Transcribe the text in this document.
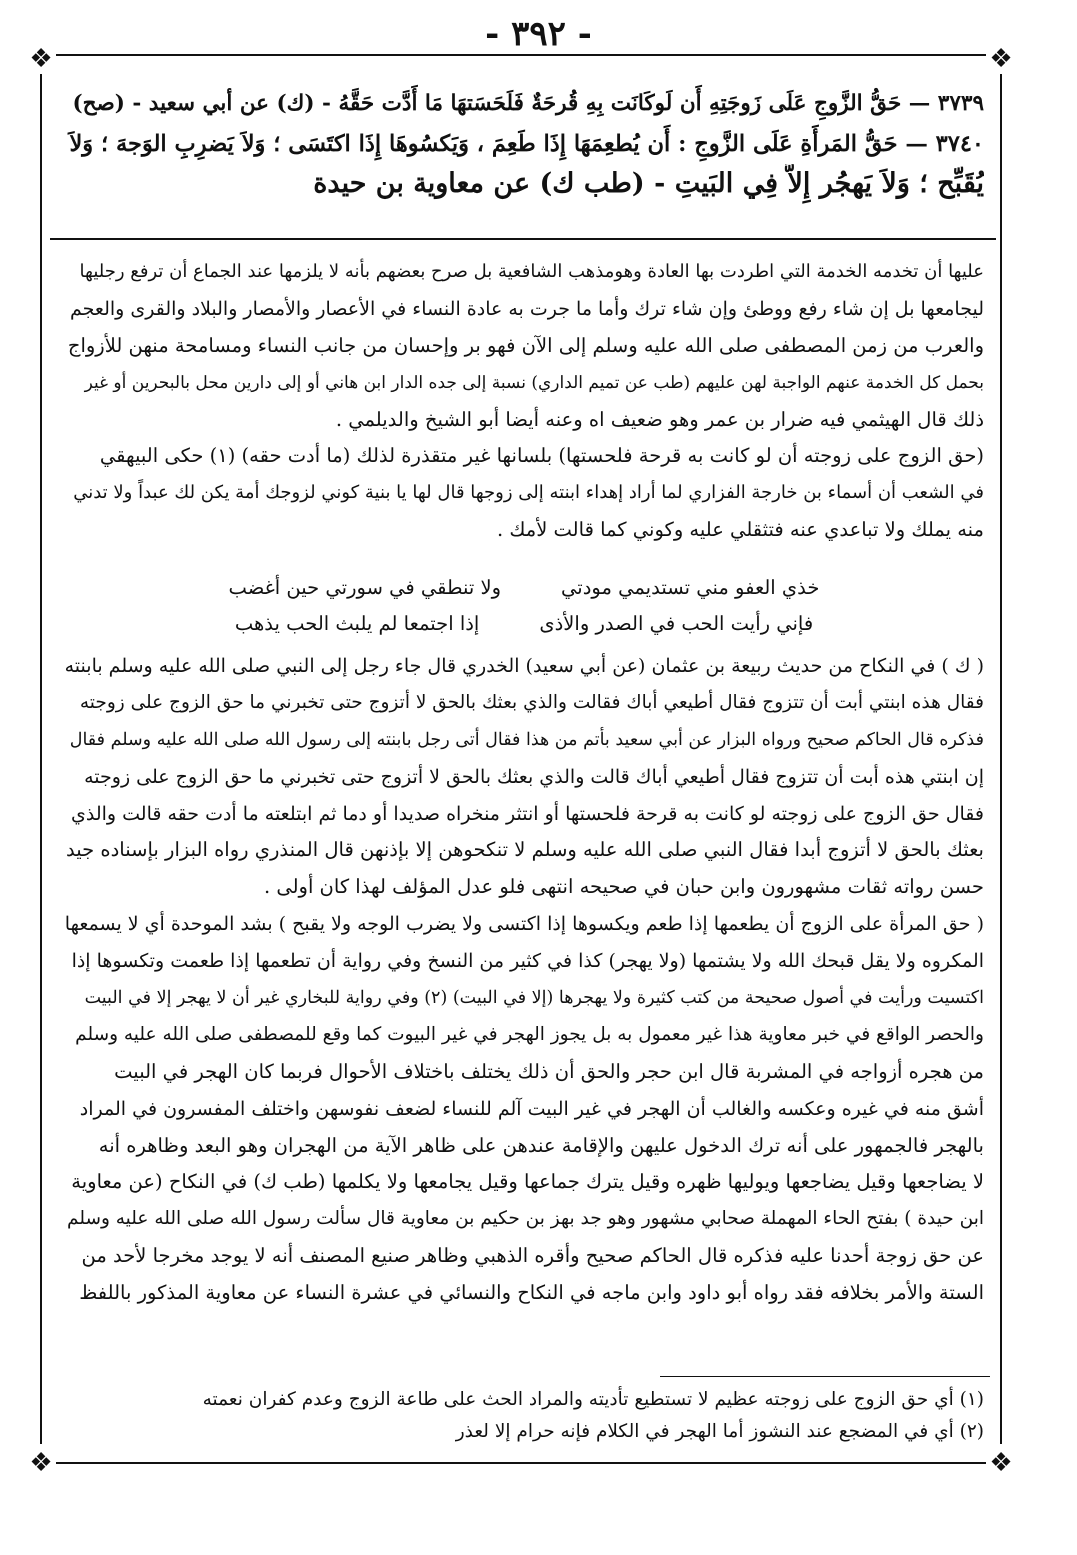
- ٣٩٢ -
❖	❖
❖	❖
٣٧٣٩ — حَقُّ الزَّوجِ عَلَى زَوجَتِهِ أَن لَوكَانَت بِهِ قُرحَةٌ فَلَحَسَتهَا مَا أَدَّت حَقَّهُ - (ك) عن أبي سعيد - (صح)
٣٧٤٠ — حَقُّ المَرأَةِ عَلَى الزَّوجِ : أَن يُطعِمَهَا إِذَا طَعِمَ ، وَيَكسُوهَا إِذَا اكتَسَى ؛ وَلاَ يَضرِبِ الوَجهَ ؛ وَلاَ
يُقَبِّح ؛ وَلاَ يَهجُر إِلاَّ فِي البَيتِ - (طب ك) عن معاوية بن حيدة
عليها أن تخدمه الخدمة التي اطردت بها العادة وهومذهب الشافعية بل صرح بعضهم بأنه لا يلزمها عند الجماع أن ترفع رجليها
ليجامعها بل إن شاء رفع ووطئ وإن شاء ترك وأما ما جرت به عادة النساء في الأعصار والأمصار والبلاد والقرى والعجم
والعرب من زمن المصطفى صلى الله عليه وسلم إلى الآن فهو بر وإحسان من جانب النساء ومسامحة منهن للأزواج
بحمل كل الخدمة عنهم الواجبة لهن عليهم (طب عن تميم الداري) نسبة إلى جده الدار ابن هاني أو إلى دارين محل بالبحرين أو غير
ذلك قال الهيثمي فيه ضرار بن عمر وهو ضعيف اه وعنه أيضا أبو الشيخ والديلمي .
(حق الزوج على زوجته أن لو كانت به قرحة فلحستها) بلسانها غير متقذرة لذلك (ما أدت حقه) (١) حكى البيهقي
في الشعب أن أسماء بن خارجة الفزاري لما أراد إهداء ابنته إلى زوجها قال لها يا بنية كوني لزوجك أمة يكن لك عبداً ولا تدني
منه يملك ولا تباعدي عنه فتثقلي عليه وكوني كما قالت لأمك .
خذي العفو مني تستديمي مودتي
ولا تنطقي في سورتي حين أغضب
فإني رأيت الحب في الصدر والأذى
إذا اجتمعا لم يلبث الحب يذهب
( ك ) في النكاح من حديث ربيعة بن عثمان (عن أبي سعيد) الخدري قال جاء رجل إلى النبي صلى الله عليه وسلم بابنته
فقال هذه ابنتي أبت أن تتزوج فقال أطيعي أباك فقالت والذي بعثك بالحق لا أتزوج حتى تخبرني ما حق الزوج على زوجته
فذكره قال الحاكم صحيح ورواه البزار عن أبي سعيد بأتم من هذا فقال أتى رجل بابنته إلى رسول الله صلى الله عليه وسلم فقال
إن ابنتي هذه أبت أن تتزوج فقال أطيعي أباك قالت والذي بعثك بالحق لا أتزوج حتى تخبرني ما حق الزوج على زوجته
فقال حق الزوج على زوجته لو كانت به قرحة فلحستها أو انتثر منخراه صديدا أو دما ثم ابتلعته ما أدت حقه قالت والذي
بعثك بالحق لا أتزوج أبدا فقال النبي صلى الله عليه وسلم لا تنكحوهن إلا بإذنهن قال المنذري رواه البزار بإسناده جيد
حسن رواته ثقات مشهورون وابن حبان في صحيحه انتهى فلو عدل المؤلف لهذا كان أولى .
( حق المرأة على الزوج أن يطعمها إذا طعم ويكسوها إذا اكتسى ولا يضرب الوجه ولا يقبح ) بشد الموحدة أي لا يسمعها
المكروه ولا يقل قبحك الله ولا يشتمها (ولا يهجر) كذا في كثير من النسخ وفي رواية أن تطعمها إذا طعمت وتكسوها إذا
اكتسيت ورأيت في أصول صحيحة من كتب كثيرة ولا يهجرها (إلا في البيت) (٢) وفي رواية للبخاري غير أن لا يهجر إلا في البيت
والحصر الواقع في خبر معاوية هذا غير معمول به بل يجوز الهجر في غير البيوت كما وقع للمصطفى صلى الله عليه وسلم
من هجره أزواجه في المشربة قال ابن حجر والحق أن ذلك يختلف باختلاف الأحوال فربما كان الهجر في البيت
أشق منه في غيره وعكسه والغالب أن الهجر في غير البيت آلم للنساء لضعف نفوسهن واختلف المفسرون في المراد
بالهجر فالجمهور على أنه ترك الدخول عليهن والإقامة عندهن على ظاهر الآية من الهجران وهو البعد وظاهره أنه
لا يضاجعها وقيل يضاجعها ويوليها ظهره وقيل يترك جماعها وقيل يجامعها ولا يكلمها (طب ك) في النكاح (عن معاوية
ابن حيدة ) بفتح الحاء المهملة صحابي مشهور وهو جد بهز بن حكيم بن معاوية قال سألت رسول الله صلى الله عليه وسلم
عن حق زوجة أحدنا عليه فذكره قال الحاكم صحيح وأقره الذهبي وظاهر صنيع المصنف أنه لا يوجد مخرجا لأحد من
الستة والأمر بخلافه فقد رواه أبو داود وابن ماجه في النكاح والنسائي في عشرة النساء عن معاوية المذكور باللفظ
(١) أي حق الزوج على زوجته عظيم لا تستطيع تأديته والمراد الحث على طاعة الزوج وعدم كفران نعمته
(٢) أي في المضجع عند النشوز أما الهجر في الكلام فإنه حرام إلا لعذر
